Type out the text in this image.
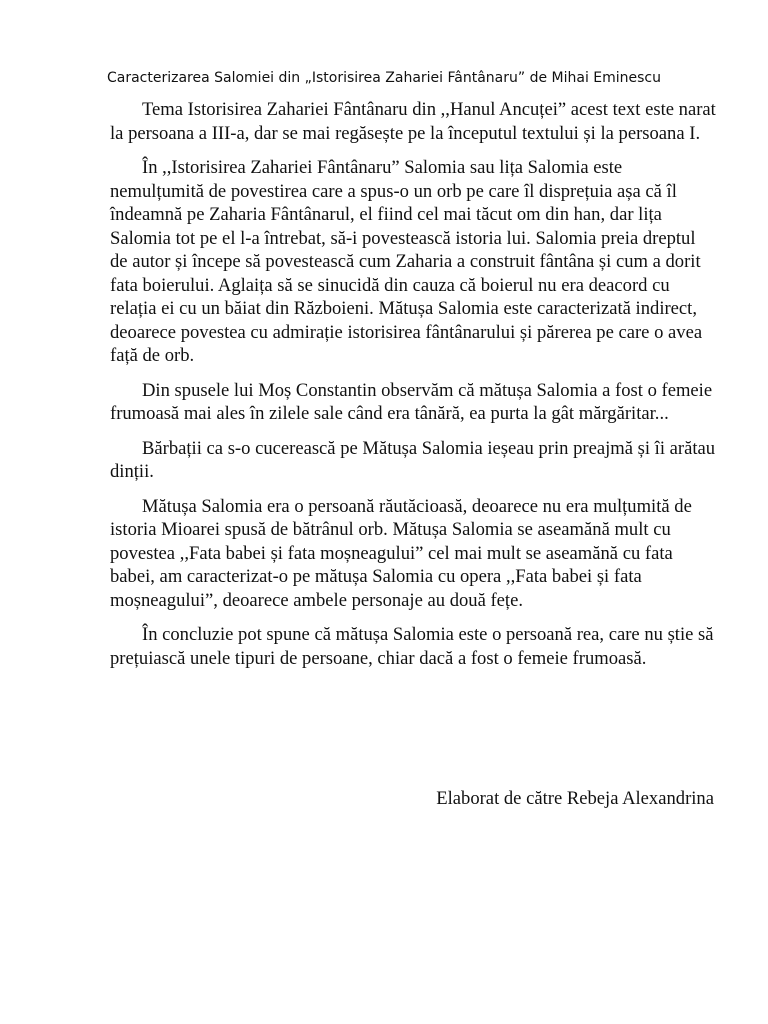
Caracterizarea Salomiei din „Istorisirea Zahariei Fântânaru” de Mihai Eminescu

Tema Istorisirea Zahariei Fântânaru din ,,Hanul Ancuței” acest text este narat la persoana a III-a, dar se mai regăsește pe la începutul textului și la persoana I.

În ,,Istorisirea Zahariei Fântânaru” Salomia sau lița Salomia este nemulțumită de povestirea care a spus-o un orb pe care îl disprețuia așa că îl îndeamnă pe Zaharia Fântânarul, el fiind cel mai tăcut om din han, dar lița Salomia tot pe el l-a întrebat, să-i povestească istoria lui. Salomia preia dreptul de autor și începe să povestească cum Zaharia a construit fântâna și cum a dorit fata boierului. Aglaița să se sinucidă din cauza că boierul nu era deacord cu relația ei cu un băiat din Războieni. Mătușa Salomia este caracterizată indirect, deoarece povestea cu admirație istorisirea fântânarului și părerea pe care o avea față de orb.

Din spusele lui Moș Constantin observăm că mătușa Salomia a fost o femeie frumoasă mai ales în zilele sale când era tânără, ea purta la gât mărgăritar...

Bărbații ca s-o cucerească pe Mătușa Salomia ieșeau prin preajmă și îi arătau dinții.

Mătușa Salomia era o persoană răutăcioasă, deoarece nu era mulțumită de istoria Mioarei spusă de bătrânul orb. Mătușa Salomia se aseamănă mult cu povestea ,,Fata babei și fata moșneagului” cel mai mult se aseamănă cu fata babei, am caracterizat-o pe mătușa Salomia cu opera ,,Fata babei și fata moșneagului”, deoarece ambele personaje au două fețe.

În concluzie pot spune că mătușa Salomia este o persoană rea, care nu știe să prețuiască unele tipuri de persoane, chiar dacă a fost o femeie frumoasă.

Elaborat de către Rebeja Alexandrina
